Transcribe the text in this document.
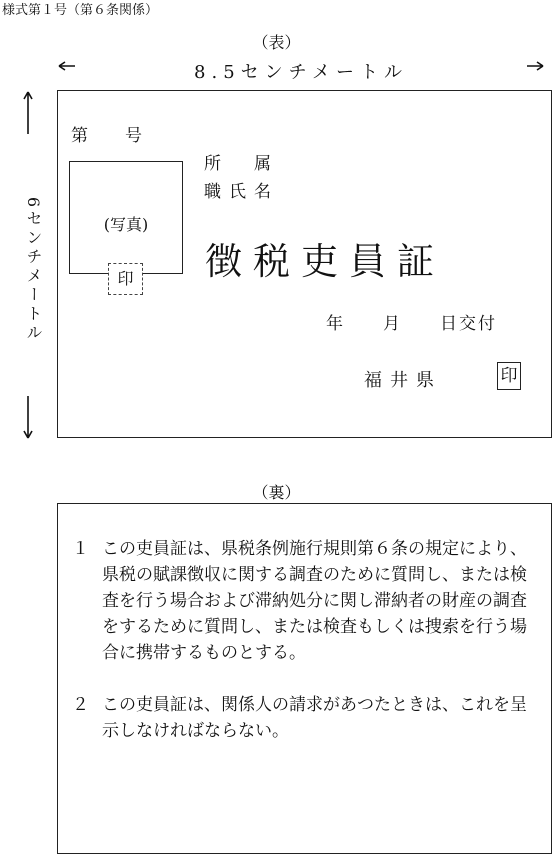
様式第１号（第６条関係）
（表）
8.5センチメートル
6センチメートル
第　　号
(写真)
印
所　属
職氏名
徴税吏員証
年　　月　　日交付
福井県	印
（裏）
１ この吏員証は、県税条例施行規則第６条の規定により、県税の賦課徴収に関する調査のために質問し、または検査を行う場合および滞納処分に関し滞納者の財産の調査をするために質問し、または検査もしくは捜索を行う場合に携帯するものとする。
２ この吏員証は、関係人の請求があつたときは、これを呈示しなければならない。
